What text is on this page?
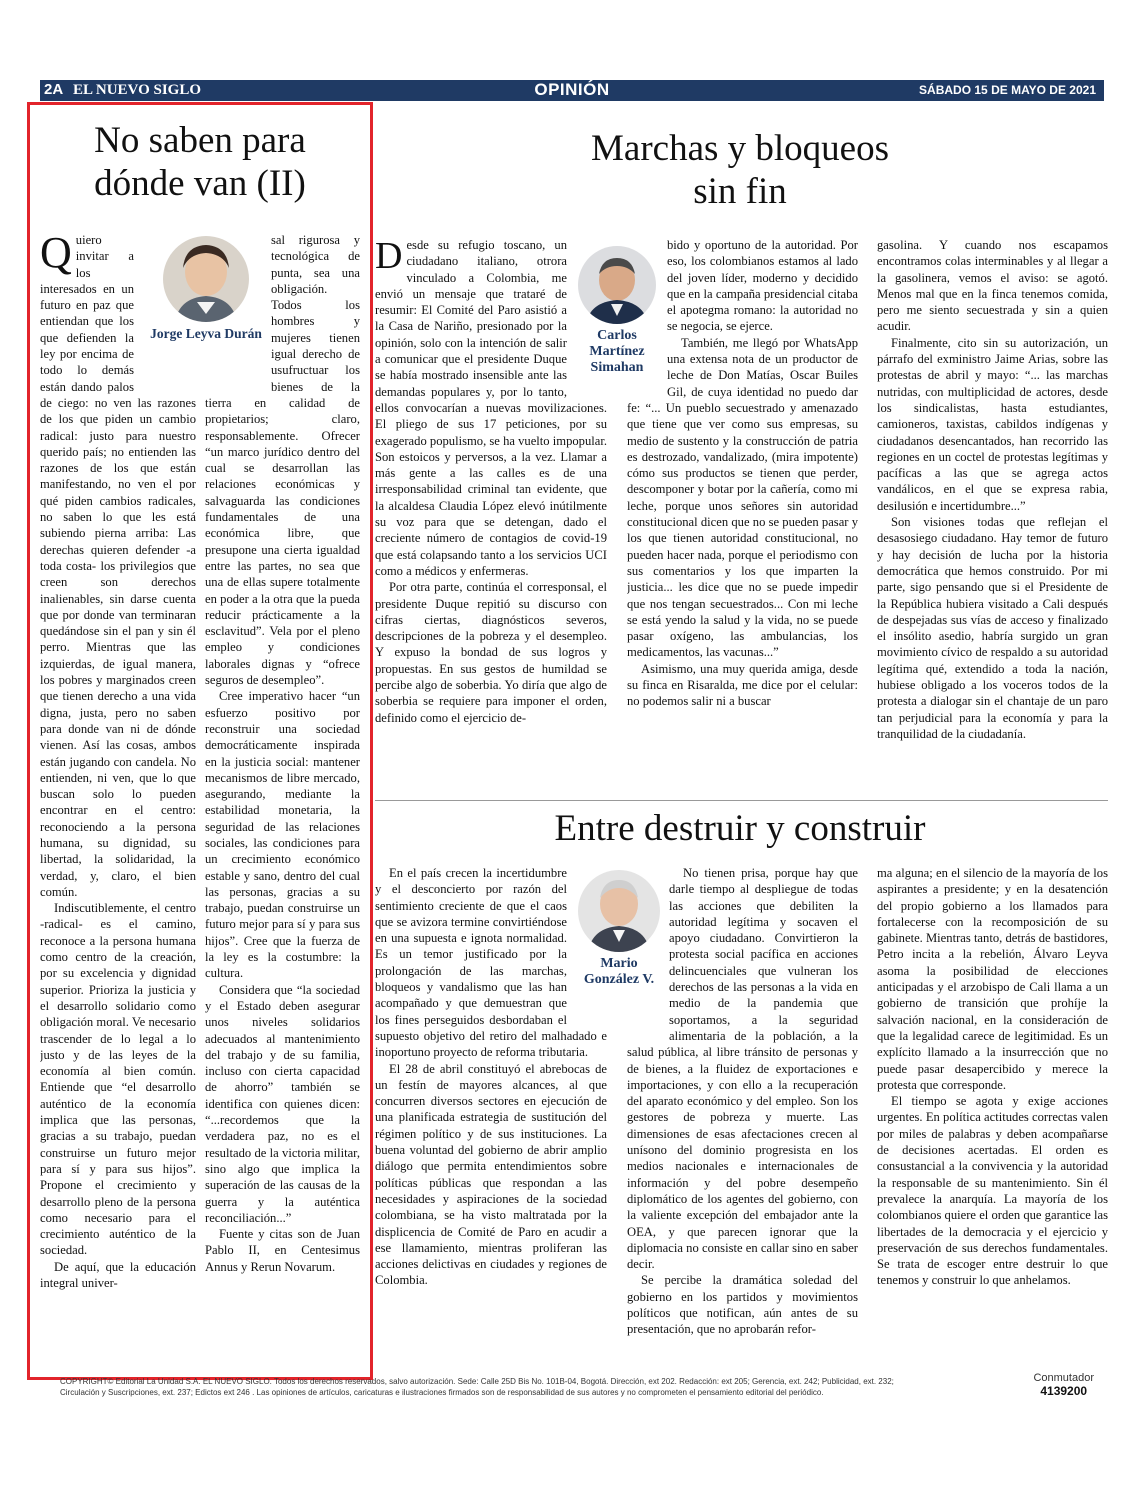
2A EL NUEVO SIGLO	OPINIÓN	SÁBADO 15 DE MAYO DE 2021
No saben para
dónde van (II)
Jorge Leyva Durán

Quiero invitar a los interesados en un futuro en paz que entiendan que los que defienden la ley por encima de todo lo demás están dando palos de ciego: no ven las razones de los que piden un cambio radical: justo para nuestro querido país; no entienden las razones de los que están manifestando, no ven el por qué piden cambios radicales, no saben lo que les está subiendo pierna arriba: Las derechas quieren defender -a toda costa- los privilegios que creen son derechos inalienables, sin darse cuenta que por donde van terminaran quedándose sin el pan y sin él perro. Mientras que las izquierdas, de igual manera, los pobres y marginados creen que tienen derecho a una vida digna, justa, pero no saben para donde van ni de dónde vienen. Así las cosas, ambos están jugando con candela. No entienden, ni ven, que lo que buscan solo lo pueden encontrar en el centro: reconociendo a la persona humana, su dignidad, su libertad, la solidaridad, la verdad, y, claro, el bien común.

Indiscutiblemente, el centro -radical- es el camino, reconoce a la persona humana como centro de la creación, por su excelencia y dignidad superior. Prioriza la justicia y el desarrollo solidario como obligación moral. Ve necesario trascender de lo legal a lo justo y de las leyes de la economía al bien común. Entiende que “el desarrollo auténtico de la economía implica que las personas, gracias a su trabajo, puedan construirse un futuro mejor para sí y para sus hijos”. Propone el crecimiento y desarrollo pleno de la persona como necesario para el crecimiento auténtico de la sociedad.

De aquí, que la educación integral univer-

sal rigurosa y tecnológica de punta, sea una obligación. Todos los hombres y mujeres tienen igual derecho de usufructuar los bienes de la tierra en calidad de propietarios; claro, responsablemente. Ofrecer “un marco jurídico dentro del cual se desarrollan las relaciones económicas y salvaguarda las condiciones fundamentales de una económica libre, que presupone una cierta igualdad entre las partes, no sea que una de ellas supere totalmente en poder a la otra que la pueda reducir prácticamente a la esclavitud”. Vela por el pleno empleo y condiciones laborales dignas y “ofrece seguros de desempleo”.

Cree imperativo hacer “un esfuerzo positivo por reconstruir una sociedad democráticamente inspirada en la justicia social: mantener mecanismos de libre mercado, asegurando, mediante la estabilidad monetaria, la seguridad de las relaciones sociales, las condiciones para un crecimiento económico estable y sano, dentro del cual las personas, gracias a su trabajo, puedan construirse un futuro mejor para sí y para sus hijos”. Cree que la fuerza de la ley es la costumbre: la cultura.

Considera que “la sociedad y el Estado deben asegurar unos niveles solidarios adecuados al mantenimiento del trabajo y de su familia, incluso con cierta capacidad de ahorro” también se identifica con quienes dicen: “...recordemos que la verdadera paz, no es el resultado de la victoria militar, sino algo que implica la superación de las causas de la guerra y la auténtica reconciliación...”

Fuente y citas son de Juan Pablo II, en Centesimus Annus y Rerun Novarum.

Marchas y bloqueos
sin fin
Carlos Martínez Simahan

Desde su refugio toscano, un ciudadano italiano, otrora vinculado a Colombia, me envió un mensaje que trataré de resumir: El Comité del Paro asistió a la Casa de Nariño, presionado por la opinión, solo con la intención de salir a comunicar que el presidente Duque se había mostrado insensible ante las demandas populares y, por lo tanto, ellos convocarían a nuevas movilizaciones. El pliego de sus 17 peticiones, por su exagerado populismo, se ha vuelto impopular. Son estoicos y perversos, a la vez. Llamar a más gente a las calles es de una irresponsabilidad criminal tan evidente, que la alcaldesa Claudia López elevó inútilmente su voz para que se detengan, dado el creciente número de contagios de covid-19 que está colapsando tanto a los servicios UCI como a médicos y enfermeras.

Por otra parte, continúa el corresponsal, el presidente Duque repitió su discurso con cifras ciertas, diagnósticos severos, descripciones de la pobreza y el desempleo. Y expuso la bondad de sus logros y propuestas. En sus gestos de humildad se percibe algo de soberbia. Yo diría que algo de soberbia se requiere para imponer el orden, definido como el ejercicio de-

bido y oportuno de la autoridad. Por eso, los colombianos estamos al lado del joven líder, moderno y decidido que en la campaña presidencial citaba el apotegma romano: la autoridad no se negocia, se ejerce.

También, me llegó por WhatsApp una extensa nota de un productor de leche de Don Matías, Oscar Builes Gil, de cuya identidad no puedo dar fe: “... Un pueblo secuestrado y amenazado que tiene que ver como sus empresas, su medio de sustento y la construcción de patria es destrozado, vandalizado, (mira impotente) cómo sus productos se tienen que perder, descomponer y botar por la cañería, como mi leche, porque unos señores sin autoridad constitucional dicen que no se pueden pasar y los que tienen autoridad constitucional, no pueden hacer nada, porque el periodismo con sus comentarios y los que imparten la justicia... les dice que no se puede impedir que nos tengan secuestrados... Con mi leche se está yendo la salud y la vida, no se puede pasar oxígeno, las ambulancias, los medicamentos, las vacunas...”

Asimismo, una muy querida amiga, desde su finca en Risaralda, me dice por el celular: no podemos salir ni a buscar

gasolina. Y cuando nos escapamos encontramos colas interminables y al llegar a la gasolinera, vemos el aviso: se agotó. Menos mal que en la finca tenemos comida, pero me siento secuestrada y sin a quien acudir.

Finalmente, cito sin su autorización, un párrafo del exministro Jaime Arias, sobre las protestas de abril y mayo: “... las marchas nutridas, con multiplicidad de actores, desde los sindicalistas, hasta estudiantes, camioneros, taxistas, cabildos indígenas y ciudadanos desencantados, han recorrido las regiones en un coctel de protestas legítimas y pacíficas a las que se agrega actos vandálicos, en el que se expresa rabia, desilusión e incertidumbre...”

Son visiones todas que reflejan el desasosiego ciudadano. Hay temor de futuro y hay decisión de lucha por la historia democrática que hemos construido. Por mi parte, sigo pensando que si el Presidente de la República hubiera visitado a Cali después de despejadas sus vías de acceso y finalizado el insólito asedio, habría surgido un gran movimiento cívico de respaldo a su autoridad legítima qué, extendido a toda la nación, hubiese obligado a los voceros todos de la protesta a dialogar sin el chantaje de un paro tan perjudicial para la economía y para la tranquilidad de la ciudadanía.

Entre destruir y construir
Mario González V.

En el país crecen la incertidumbre y el desconcierto por razón del sentimiento creciente de que el caos que se avizora termine convirtiéndose en una supuesta e ignota normalidad. Es un temor justificado por la prolongación de las marchas, bloqueos y vandalismo que las han acompañado y que demuestran que los fines perseguidos desbordaban el supuesto objetivo del retiro del malhadado e inoportuno proyecto de reforma tributaria.

El 28 de abril constituyó el abrebocas de un festín de mayores alcances, al que concurren diversos sectores en ejecución de una planificada estrategia de sustitución del régimen político y de sus instituciones. La buena voluntad del gobierno de abrir amplio diálogo que permita entendimientos sobre políticas públicas que respondan a las necesidades y aspiraciones de la sociedad colombiana, se ha visto maltratada por la displicencia de Comité de Paro en acudir a ese llamamiento, mientras proliferan las acciones delictivas en ciudades y regiones de Colombia.

No tienen prisa, porque hay que darle tiempo al despliegue de todas las acciones que debiliten la autoridad legítima y socaven el apoyo ciudadano. Convirtieron la protesta social pacífica en acciones delincuenciales que vulneran los derechos de las personas a la vida en medio de la pandemia que soportamos, a la seguridad alimentaria de la población, a la salud pública, al libre tránsito de personas y de bienes, a la fluidez de exportaciones e importaciones, y con ello a la recuperación del aparato económico y del empleo. Son los gestores de pobreza y muerte. Las dimensiones de esas afectaciones crecen al unísono del dominio progresista en los medios nacionales e internacionales de información y del pobre desempeño diplomático de los agentes del gobierno, con la valiente excepción del embajador ante la OEA, y que parecen ignorar que la diplomacia no consiste en callar sino en saber decir.

Se percibe la dramática soledad del gobierno en los partidos y movimientos políticos que notifican, aún antes de su presentación, que no aprobarán refor-

ma alguna; en el silencio de la mayoría de los aspirantes a presidente; y en la desatención del propio gobierno a los llamados para fortalecerse con la recomposición de su gabinete. Mientras tanto, detrás de bastidores, Petro incita a la rebelión, Álvaro Leyva asoma la posibilidad de elecciones anticipadas y el arzobispo de Cali llama a un gobierno de transición que prohíje la salvación nacional, en la consideración de que la legalidad carece de legitimidad. Es un explícito llamado a la insurrección que no puede pasar desapercibido y merece la protesta que corresponde.

El tiempo se agota y exige acciones urgentes. En política actitudes correctas valen por miles de palabras y deben acompañarse de decisiones acertadas. El orden es consustancial a la convivencia y la autoridad la responsable de su mantenimiento. Sin él prevalece la anarquía. La mayoría de los colombianos quiere el orden que garantice las libertades de la democracia y el ejercicio y preservación de sus derechos fundamentales. Se trata de escoger entre destruir lo que tenemos y construir lo que anhelamos.

COPYRIGHT© Editorial La Unidad S.A. EL NUEVO SIGLO. Todos los derechos reservados, salvo autorización. Sede: Calle 25D Bis No. 101B-04, Bogotá. Dirección, ext 202. Redacción: ext 205; Gerencia, ext. 242; Publicidad, ext. 232;
Circulación y Suscripciones, ext. 237; Edictos ext 246 . Las opiniones de artículos, caricaturas e ilustraciones firmados son de responsabilidad de sus autores y no comprometen el pensamiento editorial del periódico.
Conmutador
4139200
